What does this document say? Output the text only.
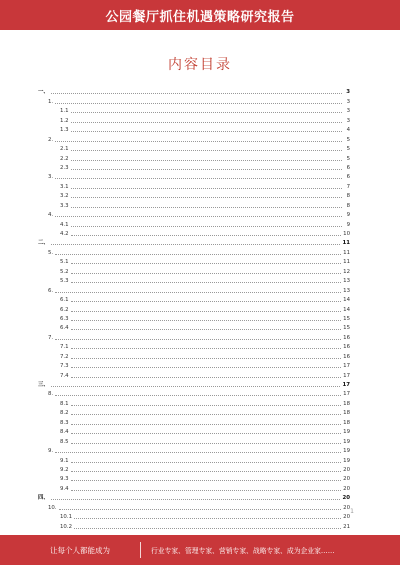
公园餐厅抓住机遇策略研究报告
内容目录
一、	3
1.	3
1.1	3
1.2	3
1.3	4
2.	5
2.1	5
2.2	5
2.3	6
3.	6
3.1	7
3.2	8
3.3	8
4.	9
4.1	9
4.2	10
二、	11
5.	11
5.1	11
5.2	12
5.3	13
6.	13
6.1	14
6.2	14
6.3	15
6.4	15
7.	16
7.1	16
7.2	16
7.3	17
7.4	17
三、	17
8.	17
8.1	18
8.2	18
8.3	18
8.4	19
8.5	19
9.	19
9.1	19
9.2	20
9.3	20
9.4	20
四、	20
10.	20
10.1	20
10.2	21
1
让每个人都能成为	行业专家、管理专家、营销专家、战略专家、成为企业家……
